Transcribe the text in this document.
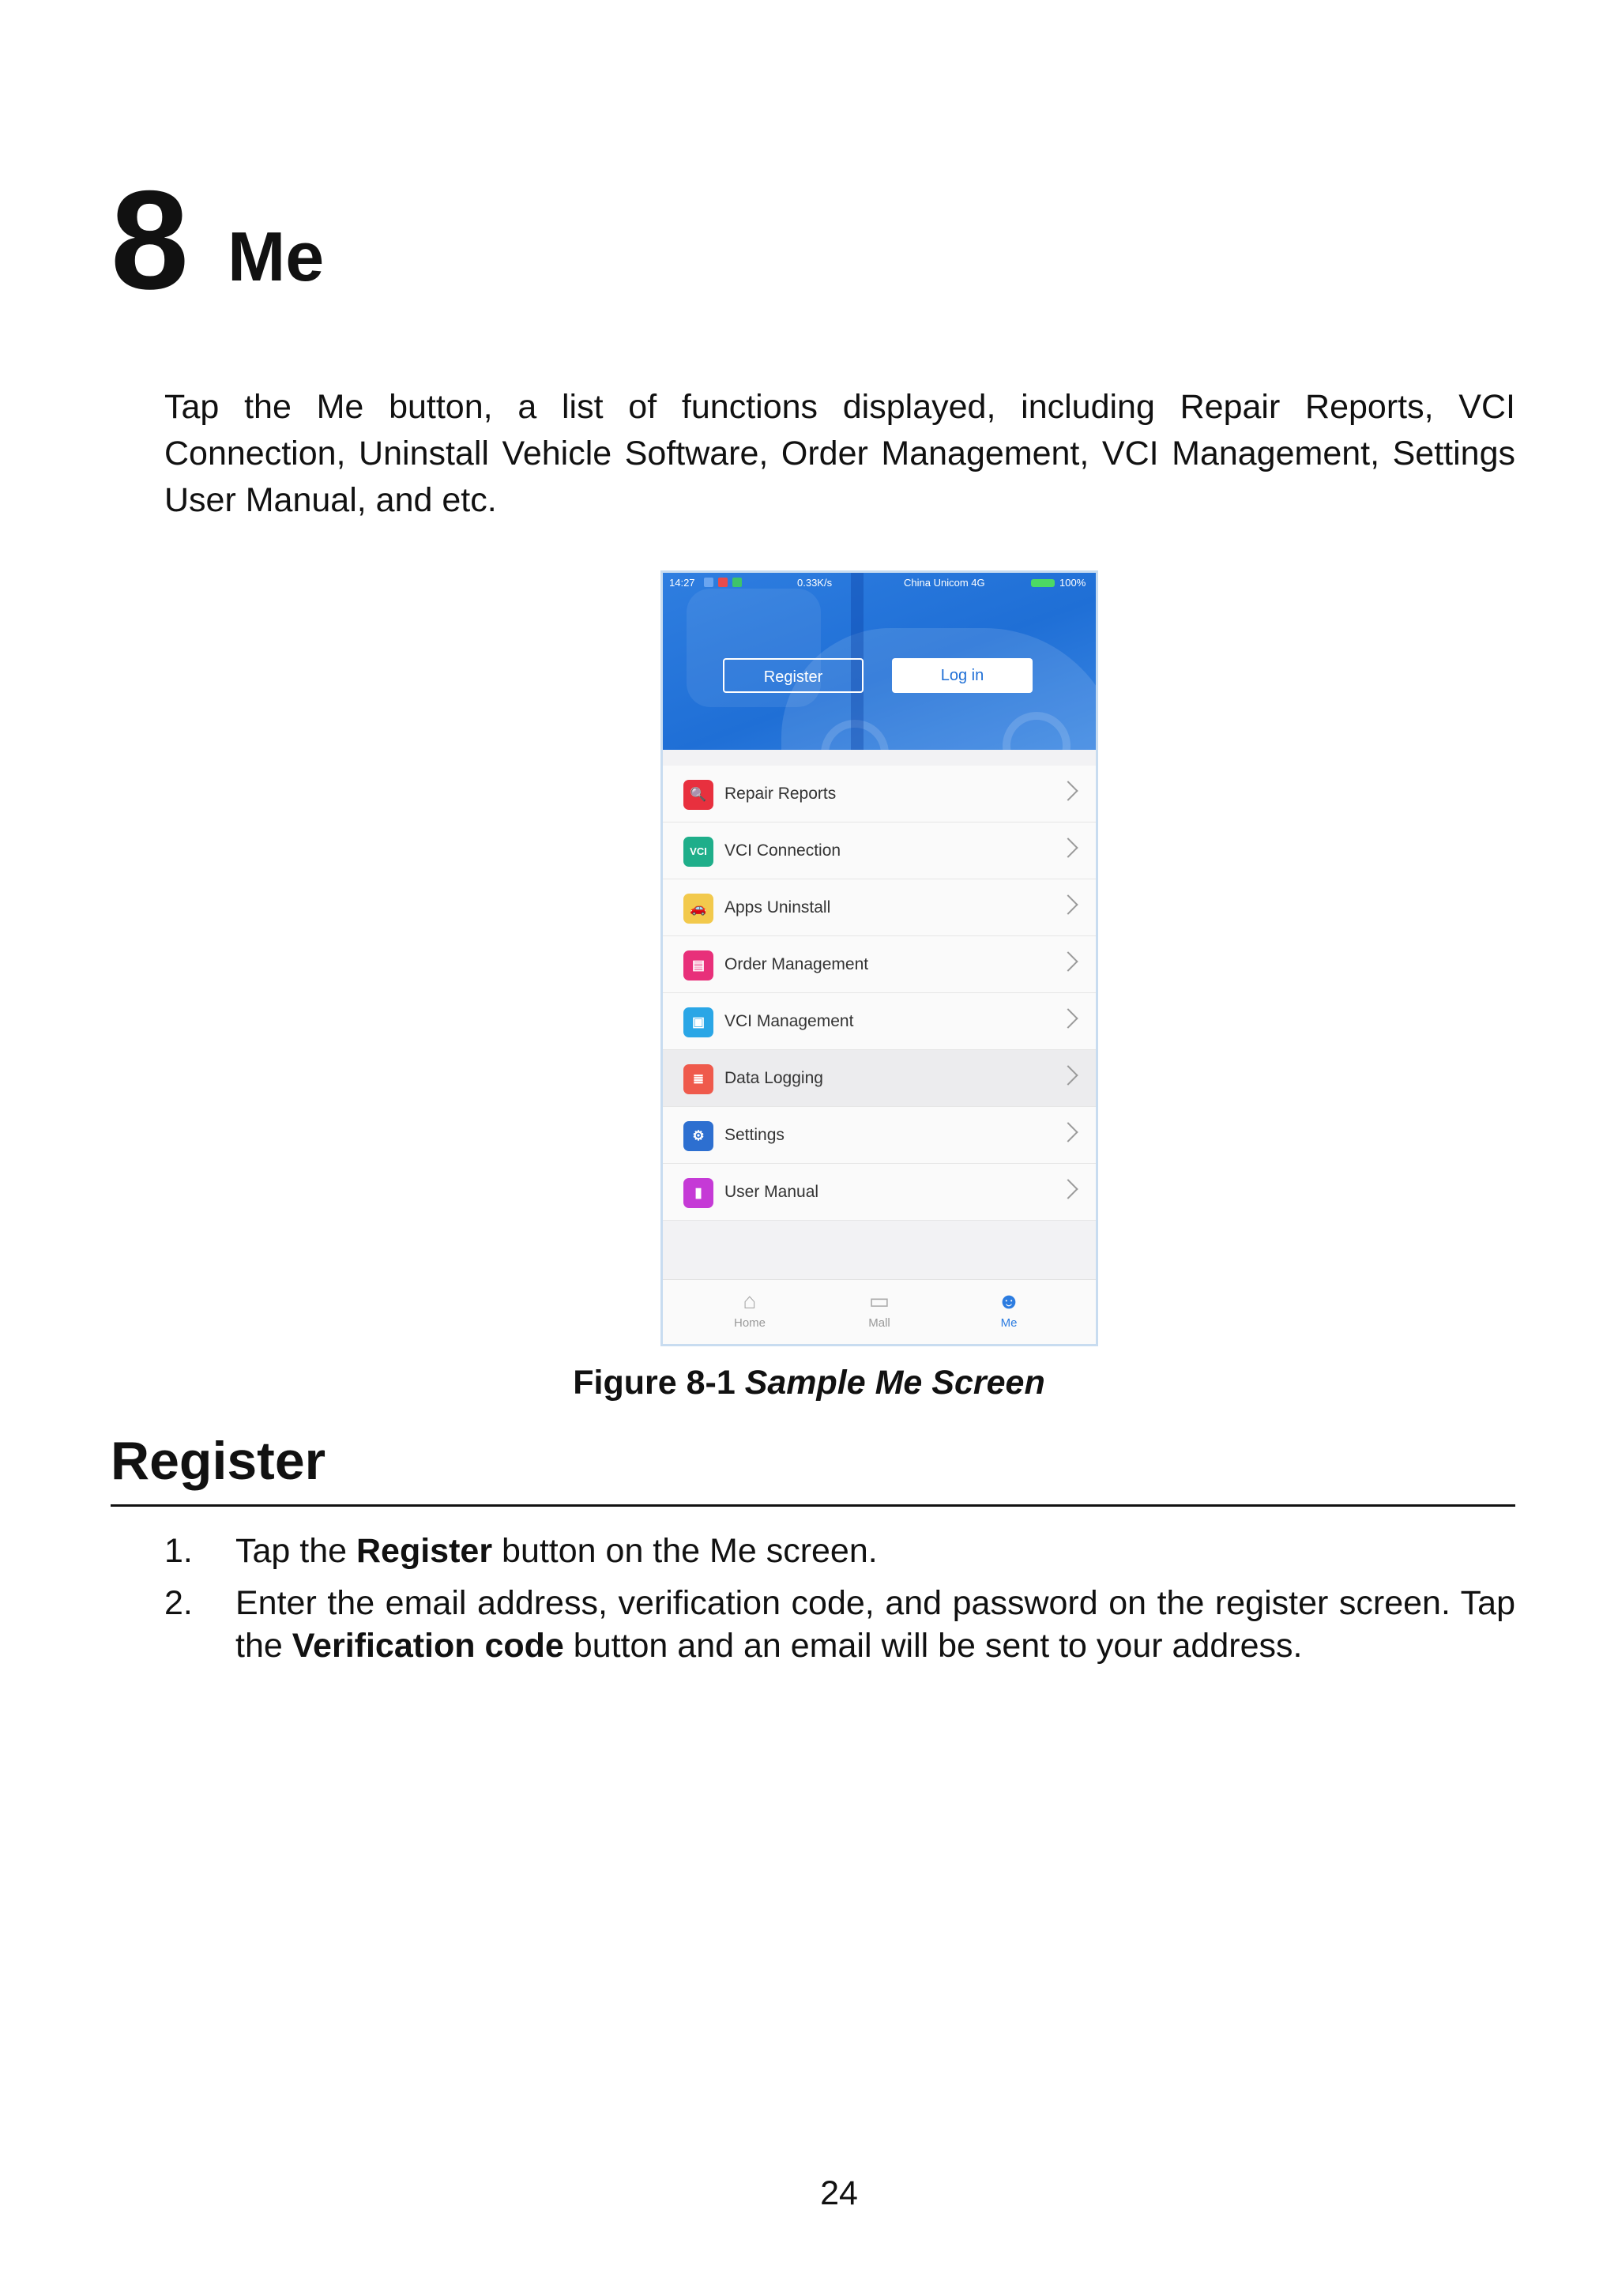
8 Me

Tap the Me button, a list of functions displayed, including Repair Reports, VCI Connection, Uninstall Vehicle Software, Order Management, VCI Management, Settings User Manual, and etc.

14:27	0.33K/s	China Unicom 4G	100%
Register	Log in
🔍	Repair Reports
VCI	VCI Connection
🚗	Apps Uninstall
▤	Order Management
▣	VCI Management
≣	Data Logging
⚙	Settings
▮	User Manual
⌂
Home
▭
Mall
☻
Me
Figure 8-1 Sample Me Screen
Register
1. Tap the Register button on the Me screen.
2. Enter the email address, verification code, and password on the register screen. Tap the Verification code button and an email will be sent to your address.
24
